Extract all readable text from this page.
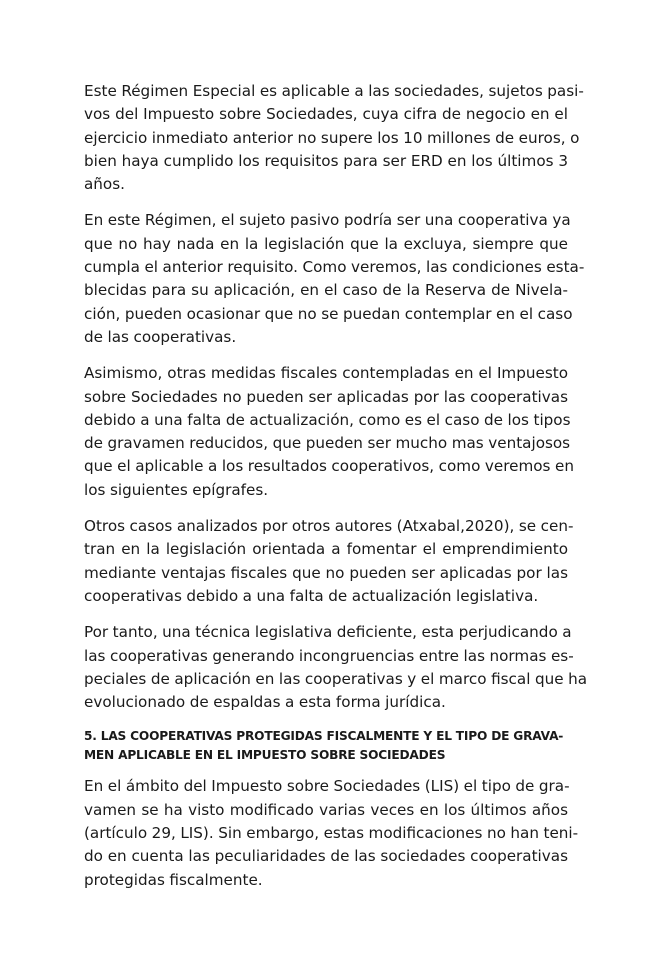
Este Régimen Especial es aplicable a las sociedades, sujetos pasi-
vos del Impuesto sobre Sociedades, cuya cifra de negocio en el
ejercicio inmediato anterior no supere los 10 millones de euros, o
bien haya cumplido los requisitos para ser ERD en los últimos 3
años.

En este Régimen, el sujeto pasivo podría ser una cooperativa ya
que no hay nada en la legislación que la excluya, siempre que
cumpla el anterior requisito. Como veremos, las condiciones esta-
blecidas para su aplicación, en el caso de la Reserva de Nivela-
ción, pueden ocasionar que no se puedan contemplar en el caso
de las cooperativas.

Asimismo, otras medidas fiscales contempladas en el Impuesto
sobre Sociedades no pueden ser aplicadas por las cooperativas
debido a una falta de actualización, como es el caso de los tipos
de gravamen reducidos, que pueden ser mucho mas ventajosos
que el aplicable a los resultados cooperativos, como veremos en
los siguientes epígrafes.

Otros casos analizados por otros autores (Atxabal,2020), se cen-
tran en la legislación orientada a fomentar el emprendimiento
mediante ventajas fiscales que no pueden ser aplicadas por las
cooperativas debido a una falta de actualización legislativa.

Por tanto, una técnica legislativa deficiente, esta perjudicando a
las cooperativas generando incongruencias entre las normas es-
peciales de aplicación en las cooperativas y el marco fiscal que ha
evolucionado de espaldas a esta forma jurídica.

5. LAS COOPERATIVAS PROTEGIDAS FISCALMENTE Y EL TIPO DE GRAVA-
MEN APLICABLE EN EL IMPUESTO SOBRE SOCIEDADES

En el ámbito del Impuesto sobre Sociedades (LIS) el tipo de gra-
vamen se ha visto modificado varias veces en los últimos años
(artículo 29, LIS). Sin embargo, estas modificaciones no han teni-
do en cuenta las peculiaridades de las sociedades cooperativas
protegidas fiscalmente.
